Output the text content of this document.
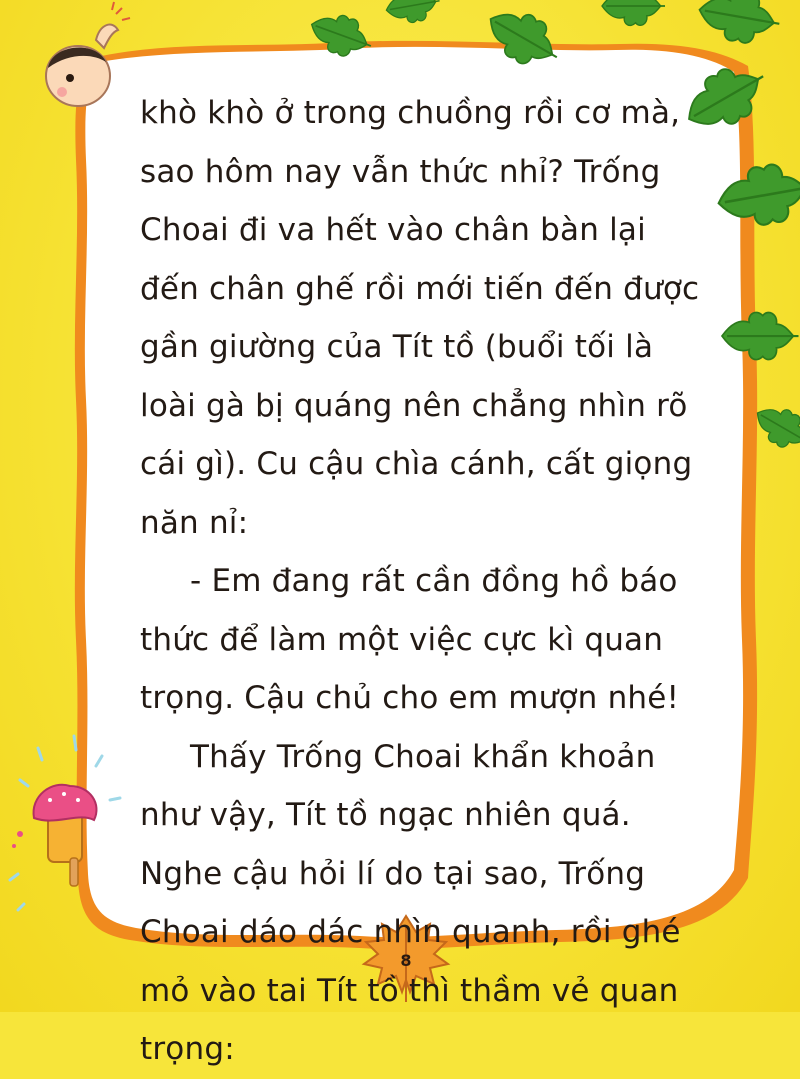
khò khò ở trong chuồng rồi cơ mà, sao hôm nay vẫn thức nhỉ? Trống Choai đi va hết vào chân bàn lại đến chân ghế rồi mới tiến đến được gần giường của Tít tồ (buổi tối là loài gà bị quáng nên chẳng nhìn rõ cái gì). Cu cậu chìa cánh, cất giọng năn nỉ:

- Em đang rất cần đồng hồ báo thức để làm một việc cực kì quan trọng. Cậu chủ cho em mượn nhé!

Thấy Trống Choai khẩn khoản như vậy, Tít tồ ngạc nhiên quá. Nghe cậu hỏi lí do tại sao, Trống Choai dáo dác nhìn quanh, rồi ghé mỏ vào tai Tít tồ thì thầm vẻ quan trọng:

8
